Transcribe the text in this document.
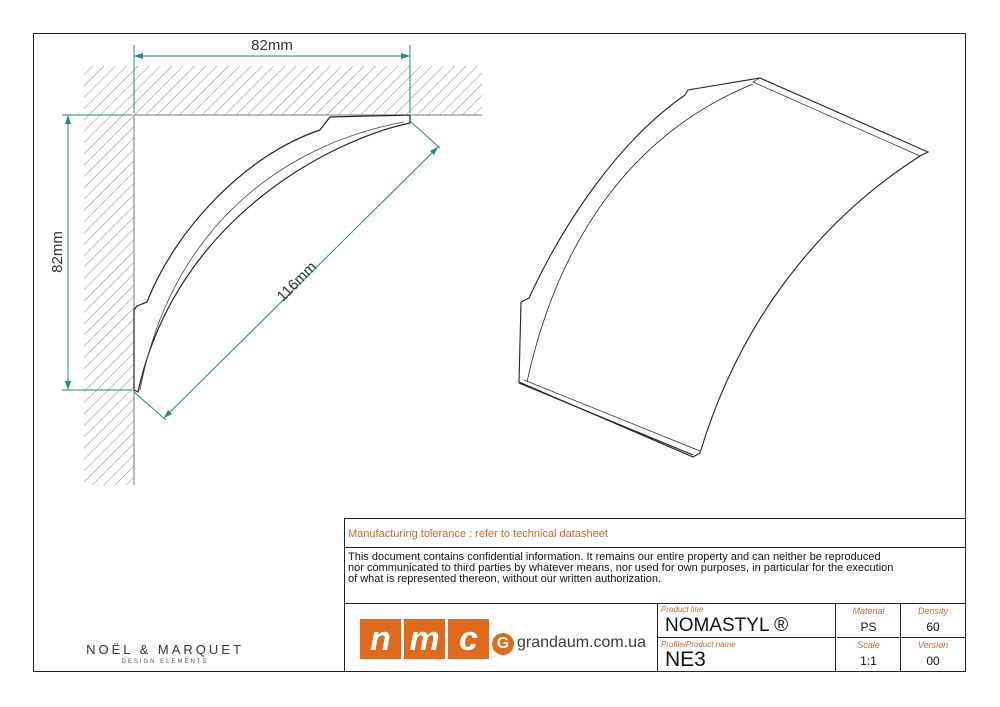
82mm
82mm
116mm
NOËL & MARQUET
DESIGN ELEMENTS
Manufacturing tolerance : refer to technical datasheet
This document contains confidential information. It remains our entire property and can neither be reproduced
nor communicated to third parties by whatever means, nor used for own purposes, in particular for the execution
of what is represented thereon, without our written authorization.
n m c	G grandaum.com.ua
Product line
NOMASTYL ®
Profile/Product name
NE3
Material
PS
Density
60
Scale
1:1
Version
00
